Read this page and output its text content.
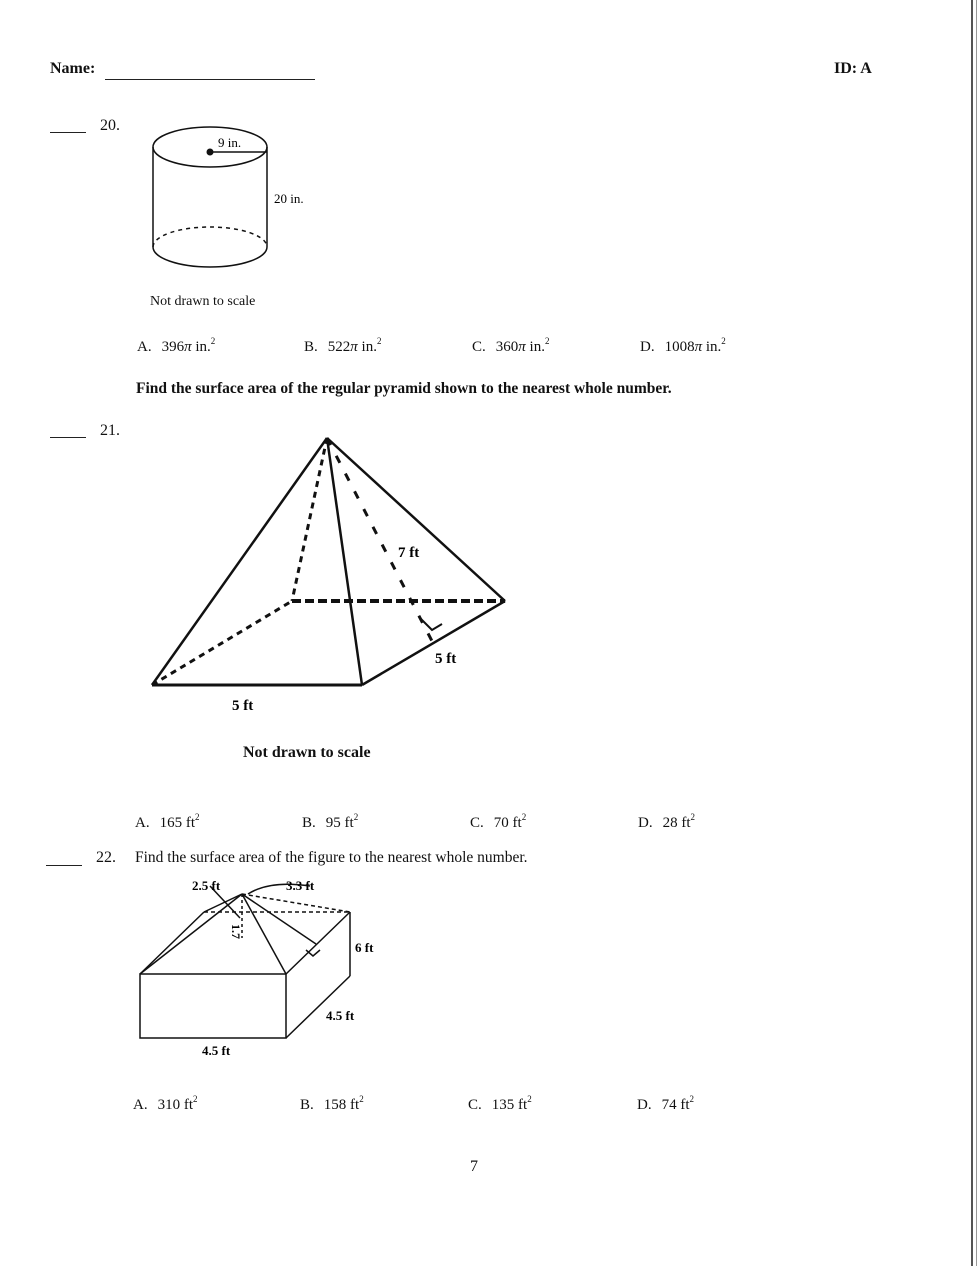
Name:	ID: A
20.
9 in.
20 in.
Not drawn to scale
A. 396π in.$^2$	B. 522π in.$^2$	C. 360π in.$^2$	D. 1008π in.$^2$
Find the surface area of the regular pyramid shown to the nearest whole number.
21.
7 ft
5 ft
5 ft
Not drawn to scale
A. 165 $ft^2$	B. 95 $ft^2$	C. 70 $ft^2$	D. 28 $ft^2$
22. Find the surface area of the figure to the nearest whole number.
2.5 ft	3.3 ft
1.7
6 ft
4.5 ft
4.5 ft
A. 310 $ft^2$	B. 158 $ft^2$	C. 135 $ft^2$	D. 74 $ft^2$
7
